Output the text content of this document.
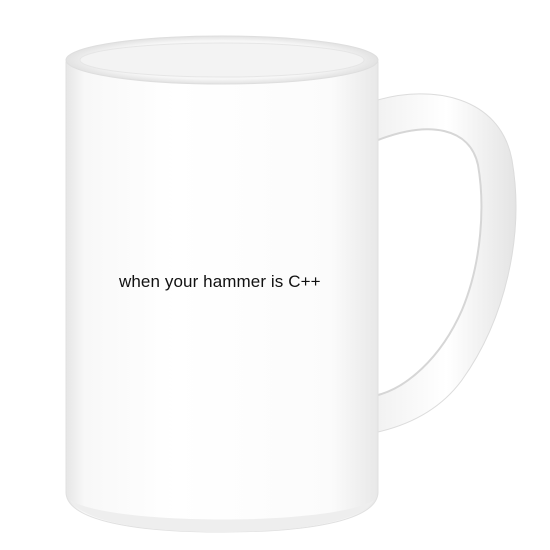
when your hammer is C++
